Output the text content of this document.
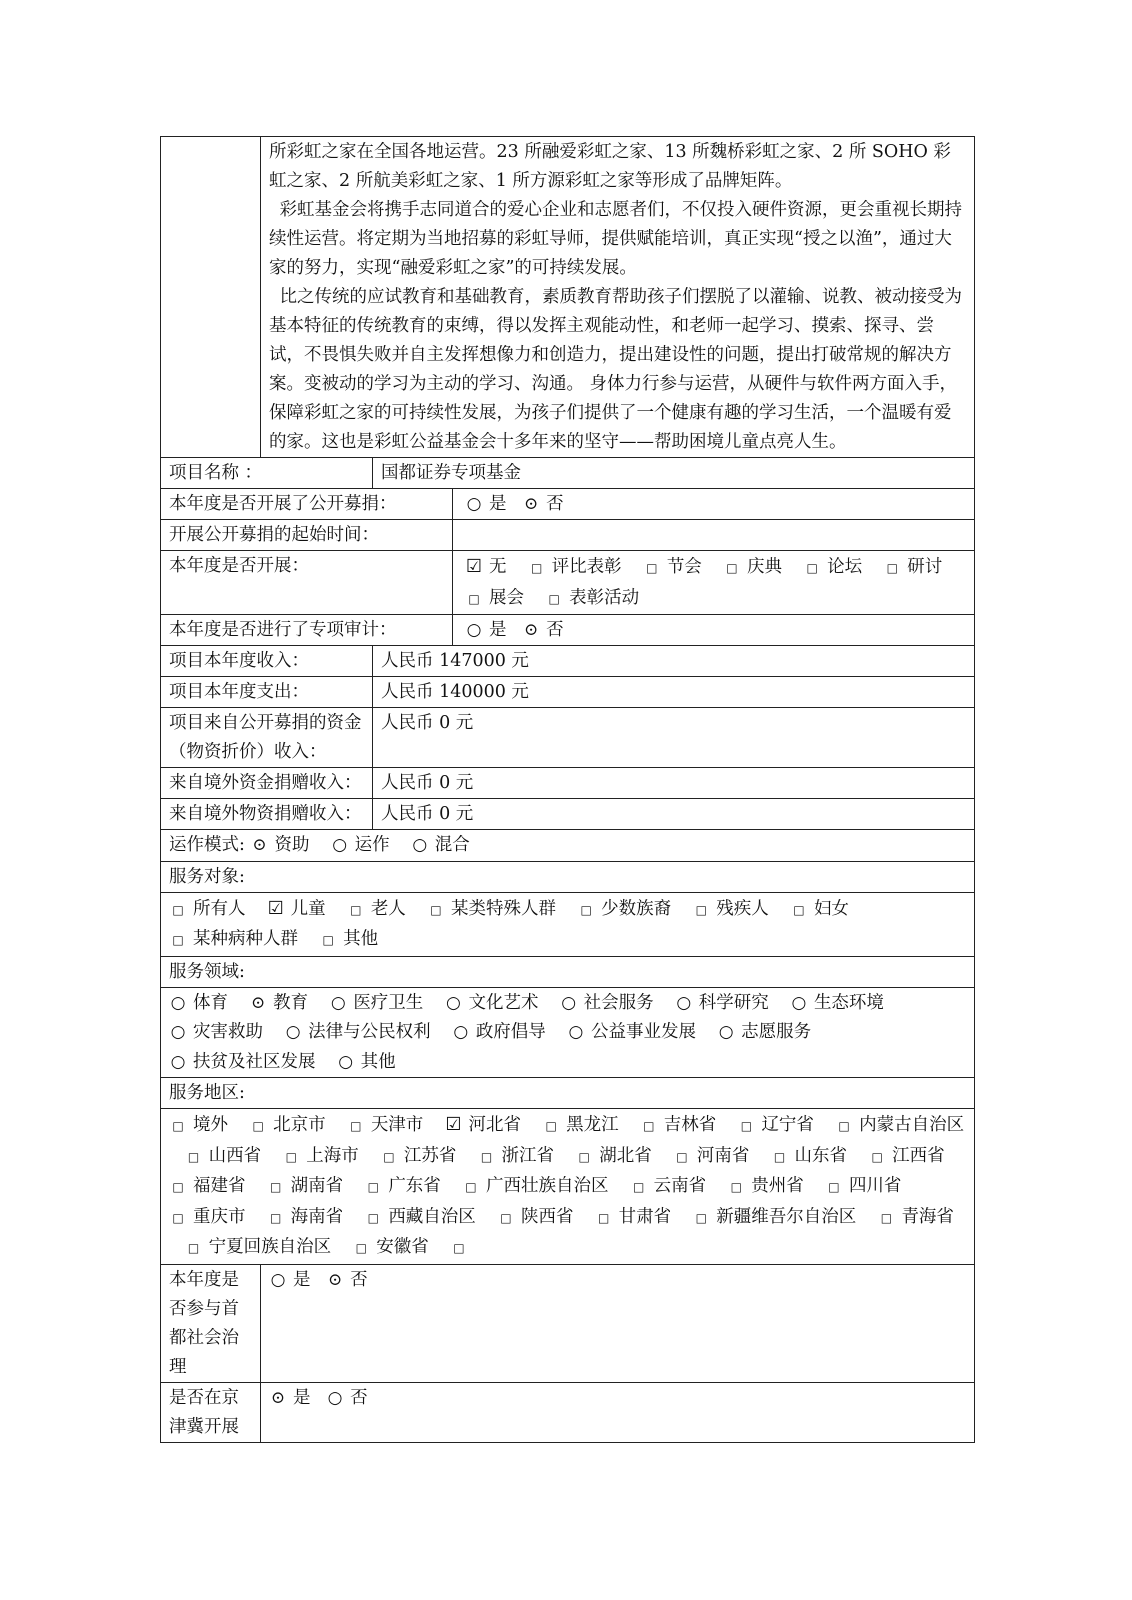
	所彩虹之家在全国各地运营。23 所融爱彩虹之家、13 所魏桥彩虹之家、2 所 SOHO 彩虹之家、2 所航美彩虹之家、1 所方源彩虹之家等形成了品牌矩阵。

彩虹基金会将携手志同道合的爱心企业和志愿者们，不仅投入硬件资源，更会重视长期持续性运营。将定期为当地招募的彩虹导师，提供赋能培训，真正实现“授之以渔”，通过大家的努力，实现“融爱彩虹之家”的可持续发展。

比之传统的应试教育和基础教育，素质教育帮助孩子们摆脱了以灌输、说教、被动接受为基本特征的传统教育的束缚，得以发挥主观能动性，和老师一起学习、摸索、探寻、尝试，不畏惧失败并自主发挥想像力和创造力，提出建设性的问题，提出打破常规的解决方案。变被动的学习为主动的学习、沟通。 身体力行参与运营，从硬件与软件两方面入手，保障彩虹之家的可持续性发展，为孩子们提供了一个健康有趣的学习生活，一个温暖有爱的家。这也是彩虹公益基金会十多年来的坚守——帮助困境儿童点亮人生。		

项目名称 ：		国都证券专项基金	
本年度是否开展了公开募捐：			○ 是 ⊙ 否
开展公开募捐的起始时间：			
本年度是否开展：			☑ 无 □ 评比表彰 □ 节会 □ 庆典 □ 论坛 □ 研讨  □ 展会 □ 表彰活动
本年度是否进行了专项审计：			○ 是 ⊙ 否
项目本年度收入：		人民币 147000 元	
项目本年度支出：		人民币 140000 元	
项目来自公开募捐的资金（物资折价）收入：		人民币 0 元	
来自境外资金捐赠收入：		人民币 0 元	
来自境外物资捐赠收入：		人民币 0 元	
运作模式: ⊙ 资助 ○ 运作 ○ 混合			
服务对象:			
□ 所有人 ☑ 儿童 □ 老人 □ 某类特殊人群 □ 少数族裔 □ 残疾人 □ 妇女  □ 某种病种人群 □ 其他			
服务领域:			
○ 体育 ⊙ 教育 ○ 医疗卫生 ○ 文化艺术 ○ 社会服务 ○ 科学研究 ○ 生态环境  ○ 灾害救助 ○ 法律与公民权利 ○ 政府倡导 ○ 公益事业发展 ○ 志愿服务  ○ 扶贫及社区发展 ○ 其他			
服务地区:			
□ 境外 □ 北京市 □ 天津市 ☑ 河北省 □ 黑龙江 □ 吉林省 □ 辽宁省 □ 内蒙古自治区  □ 山西省 □ 上海市 □ 江苏省 □ 浙江省 □ 湖北省 □ 河南省 □ 山东省 □ 江西省  □ 福建省 □ 湖南省 □ 广东省 □ 广西壮族自治区 □ 云南省 □ 贵州省 □ 四川省  □ 重庆市 □ 海南省 □ 西藏自治区 □ 陕西省 □ 甘肃省 □ 新疆维吾尔自治区 □ 青海省  □ 宁夏回族自治区 □ 安徽省 □			
本年度是否参与首都社会治理	○ 是 ⊙ 否		
是否在京津冀开展	⊙ 是 ○ 否		
